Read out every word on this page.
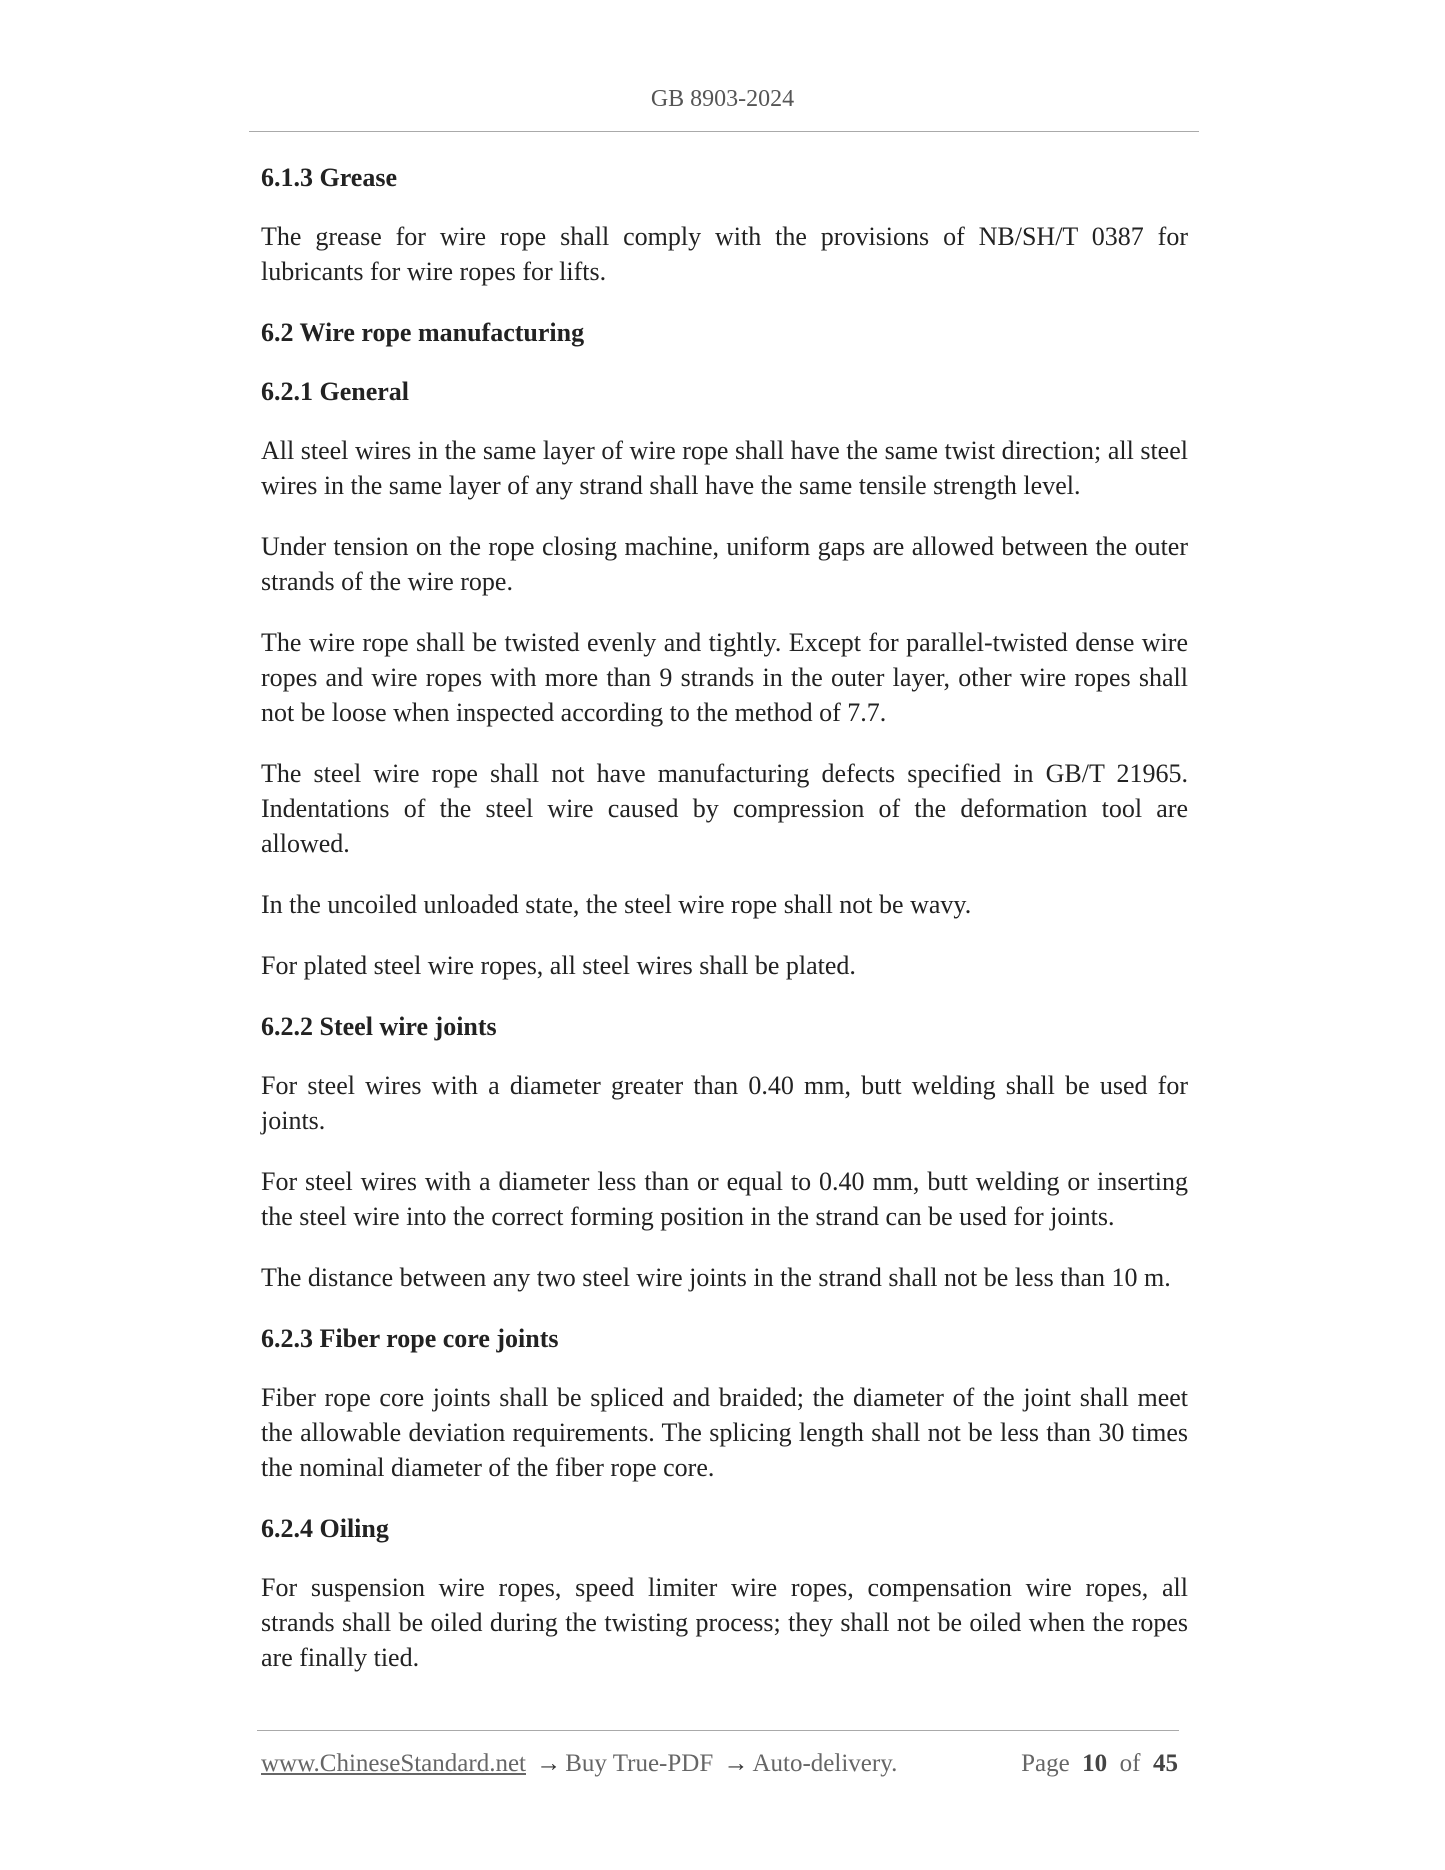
GB 8903-2024
6.1.3 Grease

The grease for wire rope shall comply with the provisions of NB/SH/T 0387 for lubricants for wire ropes for lifts.

6.2 Wire rope manufacturing
6.2.1 General

All steel wires in the same layer of wire rope shall have the same twist direction; all steel wires in the same layer of any strand shall have the same tensile strength level.

Under tension on the rope closing machine, uniform gaps are allowed between the outer strands of the wire rope.

The wire rope shall be twisted evenly and tightly. Except for parallel-twisted dense wire ropes and wire ropes with more than 9 strands in the outer layer, other wire ropes shall not be loose when inspected according to the method of 7.7.

The steel wire rope shall not have manufacturing defects specified in GB/T 21965. Indentations of the steel wire caused by compression of the deformation tool are allowed.

In the uncoiled unloaded state, the steel wire rope shall not be wavy.

For plated steel wire ropes, all steel wires shall be plated.

6.2.2 Steel wire joints

For steel wires with a diameter greater than 0.40 mm, butt welding shall be used for joints.

For steel wires with a diameter less than or equal to 0.40 mm, butt welding or inserting the steel wire into the correct forming position in the strand can be used for joints.

The distance between any two steel wire joints in the strand shall not be less than 10 m.

6.2.3 Fiber rope core joints

Fiber rope core joints shall be spliced and braided; the diameter of the joint shall meet the allowable deviation requirements. The splicing length shall not be less than 30 times the nominal diameter of the fiber rope core.

6.2.4 Oiling

For suspension wire ropes, speed limiter wire ropes, compensation wire ropes, all strands shall be oiled during the twisting process; they shall not be oiled when the ropes are finally tied.

www.ChineseStandard.net → Buy True-PDF → Auto-delivery.	Page 10 of 45
